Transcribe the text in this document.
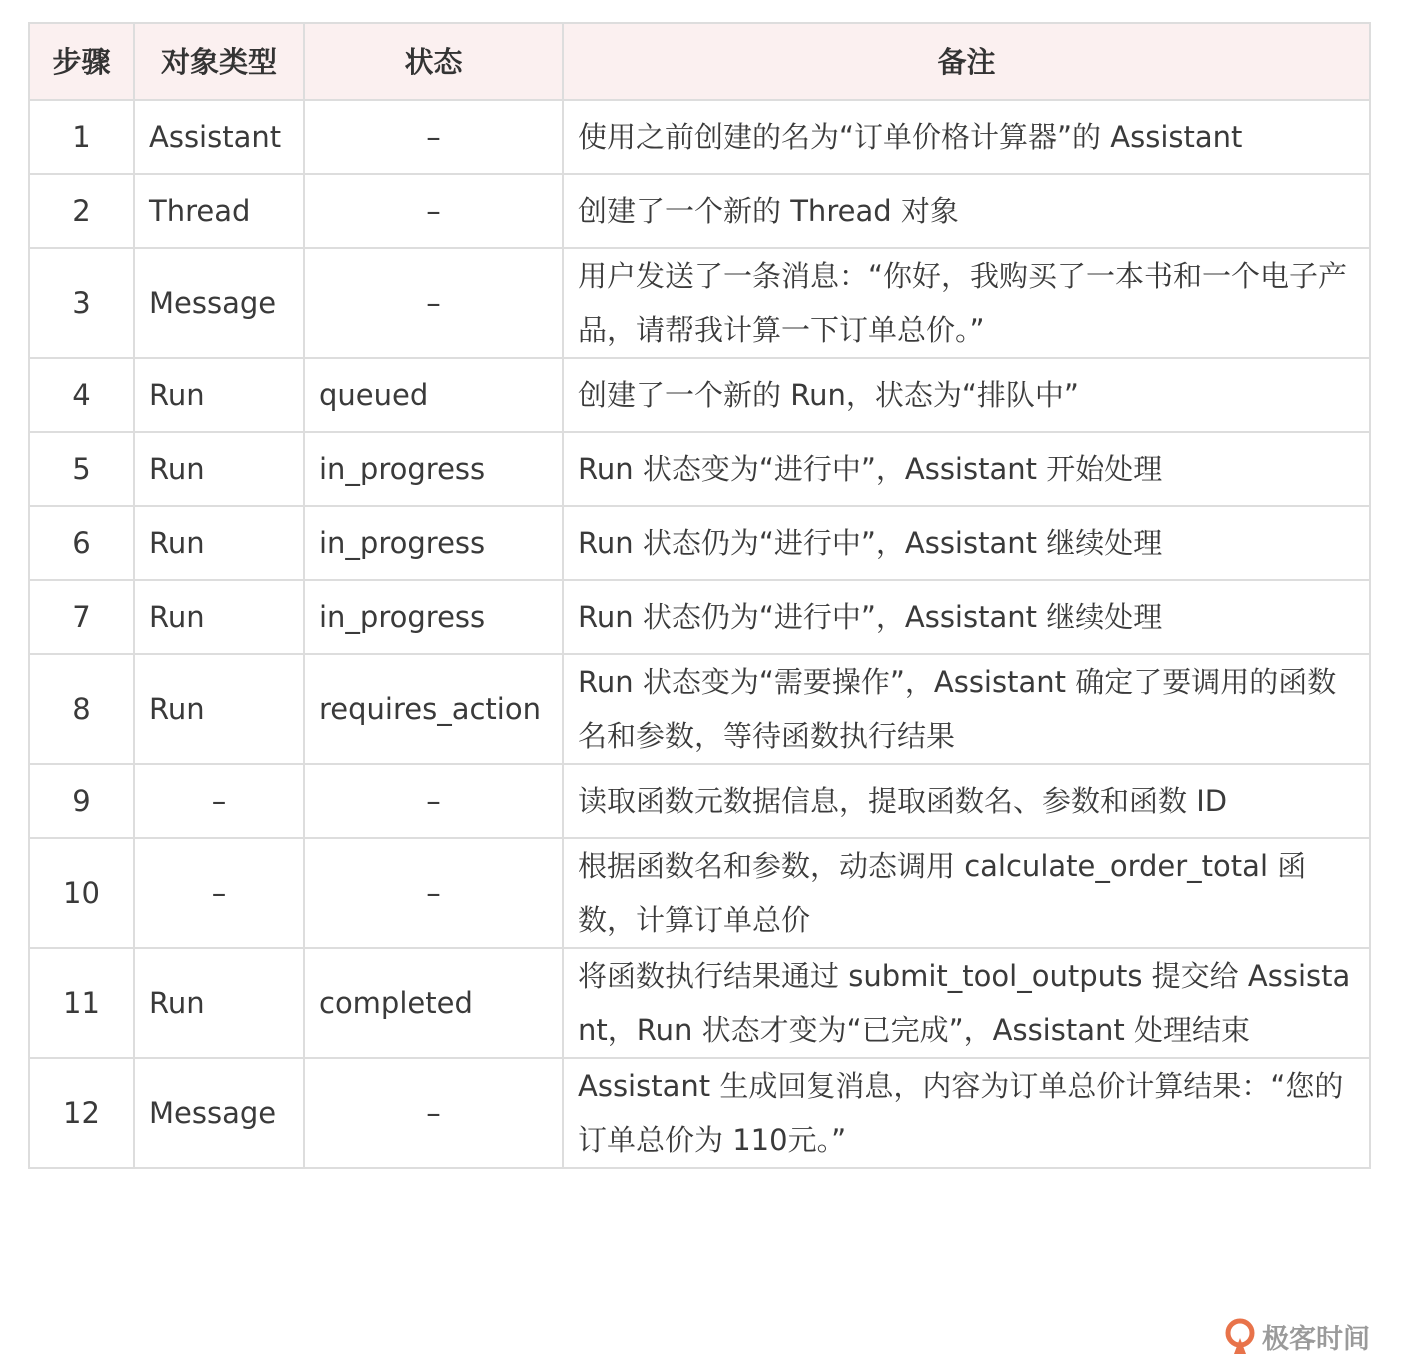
步骤	对象类型	状态	备注
1	Assistant	–	使用之前创建的名为“订单价格计算器”的 Assistant
2	Thread	–	创建了一个新的 Thread 对象
3	Message	–	用户发送了一条消息：“你好，我购买了一本书和一个电子产品，请帮我计算一下订单总价。”
4	Run	queued	创建了一个新的 Run，状态为“排队中”
5	Run	in_progress	Run 状态变为“进行中”，Assistant 开始处理
6	Run	in_progress	Run 状态仍为“进行中”，Assistant 继续处理
7	Run	in_progress	Run 状态仍为“进行中”，Assistant 继续处理
8	Run	requires_action	Run 状态变为“需要操作”，Assistant 确定了要调用的函数名和参数，等待函数执行结果
9	–	–	读取函数元数据信息，提取函数名、参数和函数 ID
10	–	–	根据函数名和参数，动态调用 calculate_order_total 函数，计算订单总价
11	Run	completed	将函数执行结果通过 submit_tool_outputs 提交给 Assistant，Run 状态才变为“已完成”，Assistant 处理结束
12	Message	–	Assistant 生成回复消息，内容为订单总价计算结果：“您的订单总价为 110元。”
极客时间
